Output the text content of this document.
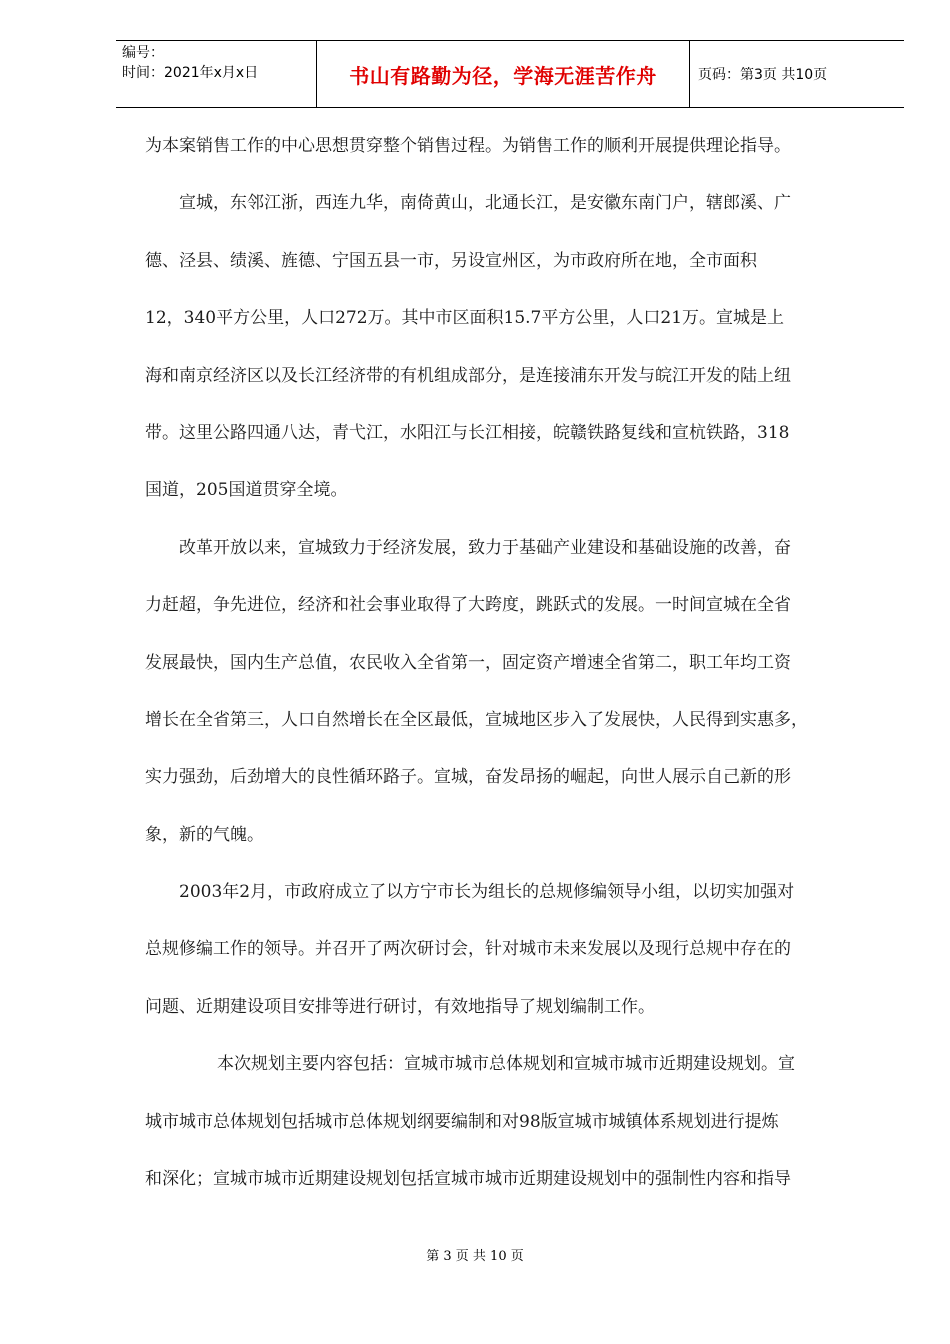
编号：
时间：2021年x月x日	书山有路勤为径，学海无涯苦作舟	页码：第3页 共10页
为本案销售工作的中心思想贯穿整个销售过程。为销售工作的顺利开展提供理论指导。
宣城，东邻江浙，西连九华，南倚黄山，北通长江，是安徽东南门户，辖郎溪、广
德、泾县、绩溪、旌德、宁国五县一市，另设宣州区，为市政府所在地，全市面积
12，340平方公里，人口272万。其中市区面积15.7平方公里，人口21万。宣城是上
海和南京经济区以及长江经济带的有机组成部分，是连接浦东开发与皖江开发的陆上纽
带。这里公路四通八达，青弋江，水阳江与长江相接，皖赣铁路复线和宣杭铁路，318
国道，205国道贯穿全境。
改革开放以来，宣城致力于经济发展，致力于基础产业建设和基础设施的改善，奋
力赶超，争先进位，经济和社会事业取得了大跨度，跳跃式的发展。一时间宣城在全省
发展最快，国内生产总值，农民收入全省第一，固定资产增速全省第二，职工年均工资
增长在全省第三，人口自然增长在全区最低，宣城地区步入了发展快，人民得到实惠多，
实力强劲，后劲增大的良性循环路子。宣城，奋发昂扬的崛起，向世人展示自己新的形
象，新的气魄。
2003年2月，市政府成立了以方宁市长为组长的总规修编领导小组，以切实加强对
总规修编工作的领导。并召开了两次研讨会，针对城市未来发展以及现行总规中存在的
问题、近期建设项目安排等进行研讨，有效地指导了规划编制工作。
本次规划主要内容包括：宣城市城市总体规划和宣城市城市近期建设规划。宣
城市城市总体规划包括城市总体规划纲要编制和对98版宣城市城镇体系规划进行提炼
和深化；宣城市城市近期建设规划包括宣城市城市近期建设规划中的强制性内容和指导
第 3 页 共 10 页
